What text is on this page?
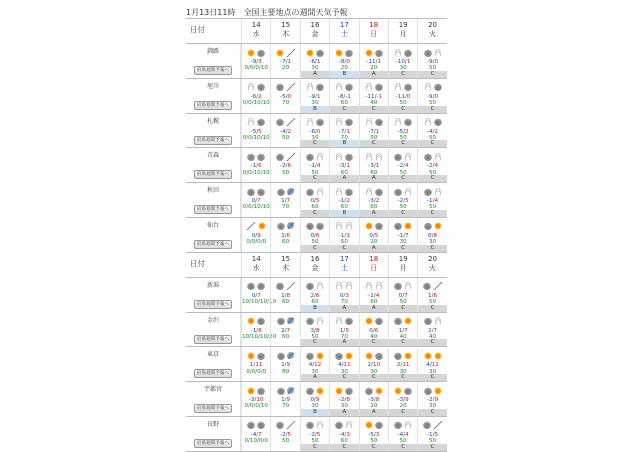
1月13日11時　全国主要地点の週間天気予報
日付	14
水
15
木
16
金
17
土
18
日
19
月
20
火
釧路
府県週間予報へ
-9/3
0/0/0/10
-7/1
20
-6/1
30
A
-8/0
20
B
-11/1
20
A
-10/1
30
C
-9/0
50
C
旭川
府県週間予報へ
-6/2
0/0/10/10
-5/0
70
-9/1
30
B
-8/-1
60
C
-11/-1
40
C
-11/0
50
C
-9/0
50
C
札幌
府県週間予報へ
-5/5
0/0/10/10
-4/2
50
-6/0
30
C
-7/1
70
B
-7/1
50
C
-5/2
50
C
-4/2
50
C
青森
府県週間予報へ
-1/6
0/0/10/10
-2/6
50
-1/4
50
C
-3/1
60
A
-3/1
60
A
-2/4
50
C
-2/4
50
C
秋田
府県週間予報へ
0/7
0/0/10/10
1/7
70
0/5
60
C
-1/2
60
B
-3/2
60
A
-2/5
50
C
-1/4
50
C
仙台
府県週間予報へ
0/9
0/0/0/0
1/6
60
0/6
50
C
-1/3
50
C
0/5
20
A
-1/7
30
C
0/8
30
C
日付	14
水
15
木
16
金
17
土
18
日
19
月
20
火
新潟
府県週間予報へ
0/7
10/10/10/10
1/8
60
2/6
60
B
0/3
70
A
-1/4
60
A
0/7
50
C
1/6
50
C
金沢
府県週間予報へ
-1/8
10/10/10/20
2/7
60
3/8
50
C
1/5
70
A
0/6
40
C
1/7
40
C
2/7
40
C
東京
府県週間予報へ
1/11
0/0/0/0
1/9
80
4/12
30
A
4/11
30
C
2/10
30
C
2/11
30
C
4/12
30
C
宇都宮
府県週間予報へ
-3/10
0/0/0/10
1/9
70
0/9
30
B
-2/8
30
A
-3/8
20
A
-3/9
20
C
-2/9
30
C
長野
府県週間予報へ
-4/7
0/10/0/0
-2/5
50
-2/5
50
C
-4/3
60
C
-5/3
50
C
-4/4
50
C
-1/5
50
C
